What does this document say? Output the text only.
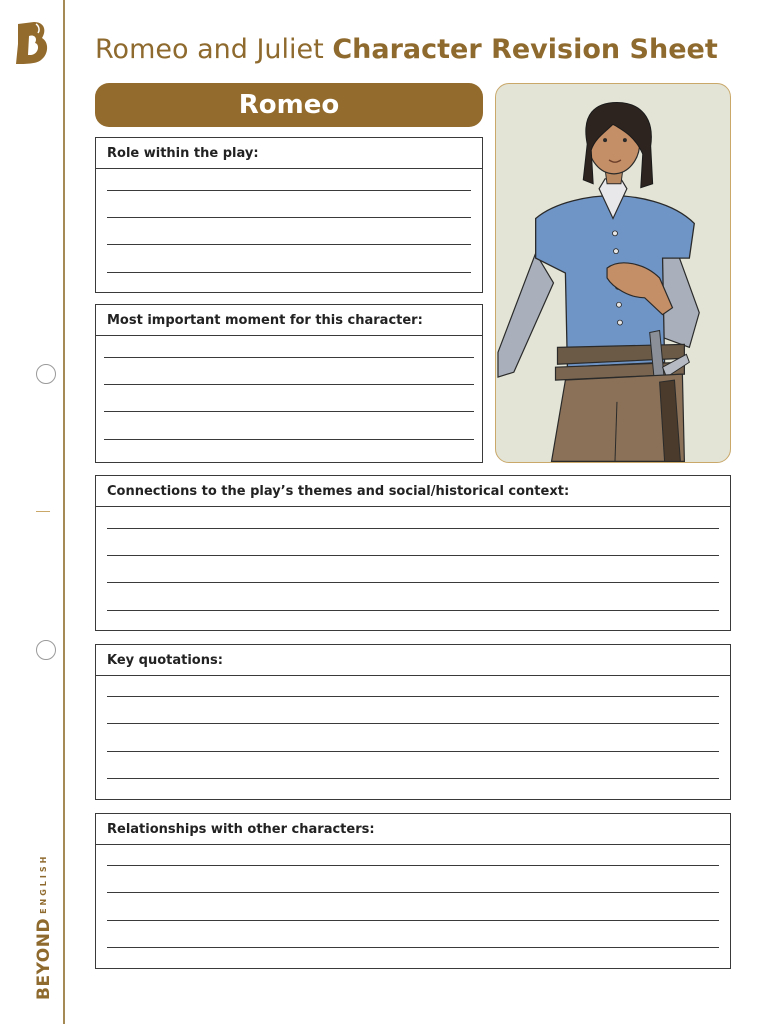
BEYONDENGLISH
Romeo and Juliet Character Revision Sheet
Romeo
Role within the play:
Most important moment for this character:
Connections to the play’s themes and social/historical context:
Key quotations:
Relationships with other characters:
